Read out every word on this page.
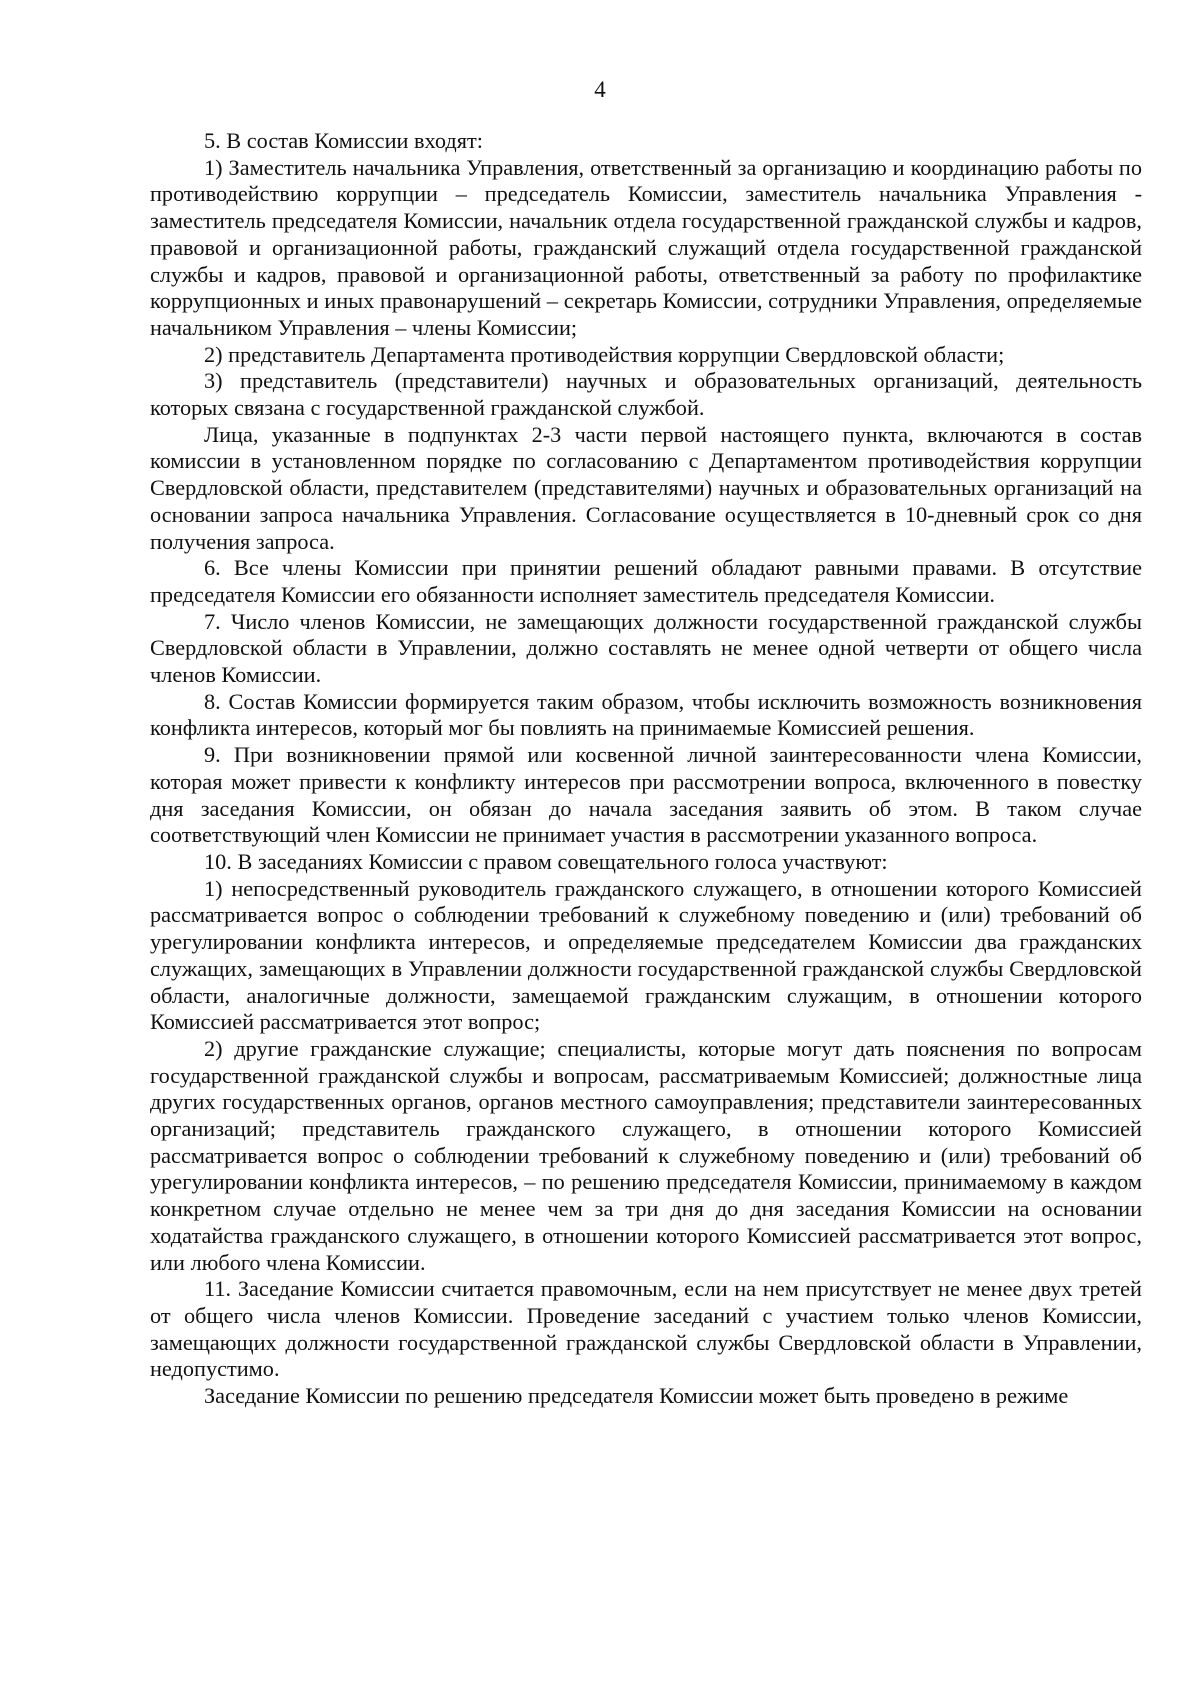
4

5. В состав Комиссии входят:

1) Заместитель начальника Управления, ответственный за организацию и координацию работы по противодействию коррупции – председатель Комиссии, заместитель начальника Управления - заместитель председателя Комиссии, начальник отдела государственной гражданской службы и кадров, правовой и организационной работы, гражданский служащий отдела государственной гражданской службы и кадров, правовой и организационной работы, ответственный за работу по профилактике коррупционных и иных правонарушений – секретарь Комиссии, сотрудники Управления, определяемые начальником Управления – члены Комиссии;

2) представитель Департамента противодействия коррупции Свердловской области;

3) представитель (представители) научных и образовательных организаций, деятельность которых связана с государственной гражданской службой.

Лица, указанные в подпунктах 2-3 части первой настоящего пункта, включаются в состав комиссии в установленном порядке по согласованию с Департаментом противодействия коррупции Свердловской области, представителем (представителями) научных и образовательных организаций на основании запроса начальника Управления. Согласование осуществляется в 10-дневный срок со дня получения запроса.

6. Все члены Комиссии при принятии решений обладают равными правами. В отсутствие председателя Комиссии его обязанности исполняет заместитель председателя Комиссии.

7. Число членов Комиссии, не замещающих должности государственной гражданской службы Свердловской области в Управлении, должно составлять не менее одной четверти от общего числа членов Комиссии.

8. Состав Комиссии формируется таким образом, чтобы исключить возможность возникновения конфликта интересов, который мог бы повлиять на принимаемые Комиссией решения.

9. При возникновении прямой или косвенной личной заинтересованности члена Комиссии, которая может привести к конфликту интересов при рассмотрении вопроса, включенного в повестку дня заседания Комиссии, он обязан до начала заседания заявить об этом. В таком случае соответствующий член Комиссии не принимает участия в рассмотрении указанного вопроса.

10. В заседаниях Комиссии с правом совещательного голоса участвуют:

1) непосредственный руководитель гражданского служащего, в отношении которого Комиссией рассматривается вопрос о соблюдении требований к служебному поведению и (или) требований об урегулировании конфликта интересов, и определяемые председателем Комиссии два гражданских служащих, замещающих в Управлении должности государственной гражданской службы Свердловской области, аналогичные должности, замещаемой гражданским служащим, в отношении которого Комиссией рассматривается этот вопрос;

2) другие гражданские служащие; специалисты, которые могут дать пояснения по вопросам государственной гражданской службы и вопросам, рассматриваемым Комиссией; должностные лица других государственных органов, органов местного самоуправления; представители заинтересованных организаций; представитель гражданского служащего, в отношении которого Комиссией рассматривается вопрос о соблюдении требований к служебному поведению и (или) требований об урегулировании конфликта интересов, – по решению председателя Комиссии, принимаемому в каждом конкретном случае отдельно не менее чем за три дня до дня заседания Комиссии на основании ходатайства гражданского служащего, в отношении которого Комиссией рассматривается этот вопрос, или любого члена Комиссии.

11. Заседание Комиссии считается правомочным, если на нем присутствует не менее двух третей от общего числа членов Комиссии. Проведение заседаний с участием только членов Комиссии, замещающих должности государственной гражданской службы Свердловской области в Управлении, недопустимо.

Заседание Комиссии по решению председателя Комиссии может быть проведено в режиме
